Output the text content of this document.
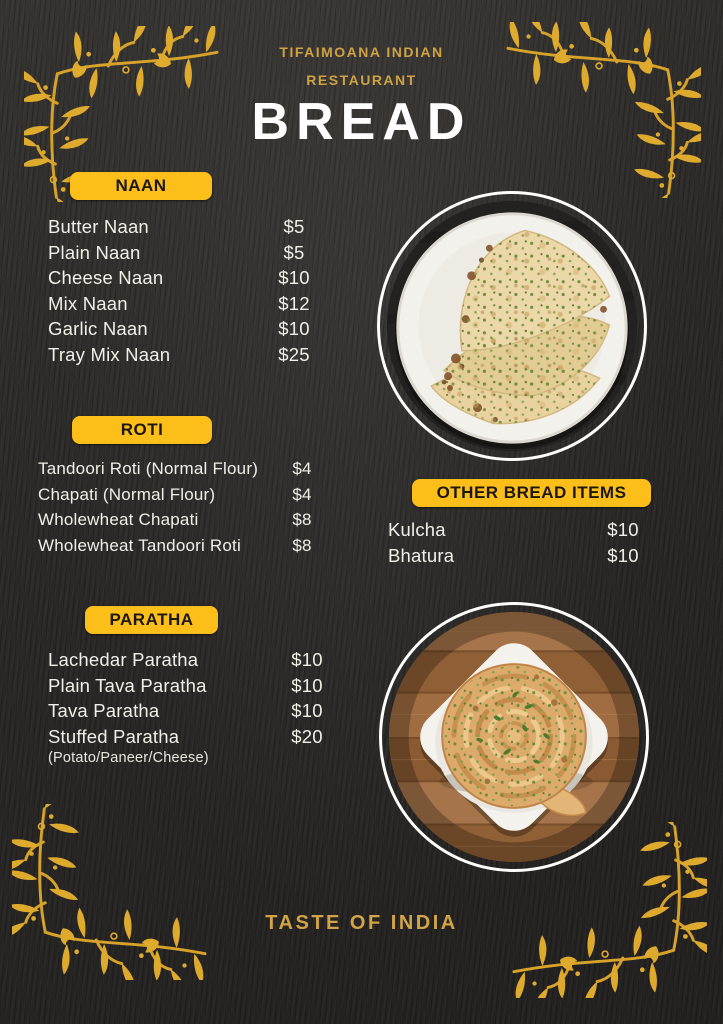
TIFAIMOANA INDIAN
RESTAURANT
BREAD
NAAN
Butter Naan	$5
Plain Naan	$5
Cheese Naan	$10
Mix Naan	$12
Garlic Naan	$10
Tray Mix Naan	$25
ROTI
Tandoori Roti (Normal Flour)	$4
Chapati (Normal Flour)	$4
Wholewheat Chapati	$8
Wholewheat Tandoori Roti	$8
OTHER BREAD ITEMS
Kulcha	$10
Bhatura	$10
PARATHA
Lachedar Paratha	$10
Plain Tava Paratha	$10
Tava Paratha	$10
Stuffed Paratha	$20
(Potato/Paneer/Cheese)
TASTE OF INDIA
